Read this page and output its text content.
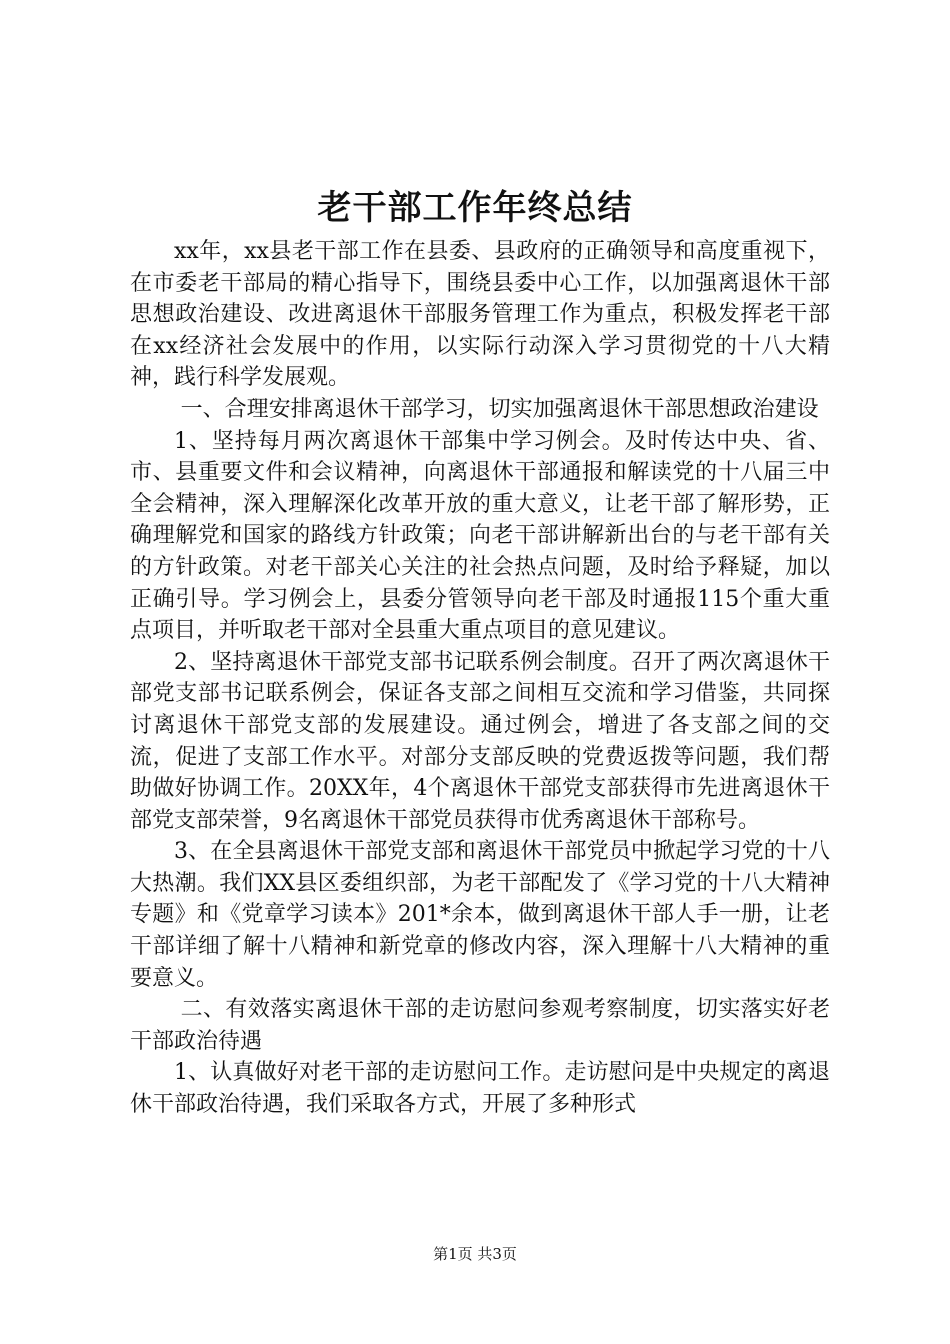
老干部工作年终总结

xx年，xx县老干部工作在县委、县政府的正确领导和高度重视下，在市委老干部局的精心指导下，围绕县委中心工作，以加强离退休干部思想政治建设、改进离退休干部服务管理工作为重点，积极发挥老干部在xx经济社会发展中的作用，以实际行动深入学习贯彻党的十八大精神，践行科学发展观。

一、合理安排离退休干部学习，切实加强离退休干部思想政治建设

1、坚持每月两次离退休干部集中学习例会。及时传达中央、省、市、县重要文件和会议精神，向离退休干部通报和解读党的十八届三中全会精神，深入理解深化改革开放的重大意义，让老干部了解形势，正确理解党和国家的路线方针政策；向老干部讲解新出台的与老干部有关的方针政策。对老干部关心关注的社会热点问题，及时给予释疑，加以正确引导。学习例会上，县委分管领导向老干部及时通报115个重大重点项目，并听取老干部对全县重大重点项目的意见建议。

2、坚持离退休干部党支部书记联系例会制度。召开了两次离退休干部党支部书记联系例会，保证各支部之间相互交流和学习借鉴，共同探讨离退休干部党支部的发展建设。通过例会，增进了各支部之间的交流，促进了支部工作水平。对部分支部反映的党费返拨等问题，我们帮助做好协调工作。20XX年，4个离退休干部党支部获得市先进离退休干部党支部荣誉，9名离退休干部党员获得市优秀离退休干部称号。

3、在全县离退休干部党支部和离退休干部党员中掀起学习党的十八大热潮。我们XX县区委组织部，为老干部配发了《学习党的十八大精神专题》和《党章学习读本》201*余本，做到离退休干部人手一册，让老干部详细了解十八精神和新党章的修改内容，深入理解十八大精神的重要意义。

二、有效落实离退休干部的走访慰问参观考察制度，切实落实好老干部政治待遇

1、认真做好对老干部的走访慰问工作。走访慰问是中央规定的离退休干部政治待遇，我们采取各方式，开展了多种形式

第1页 共3页
